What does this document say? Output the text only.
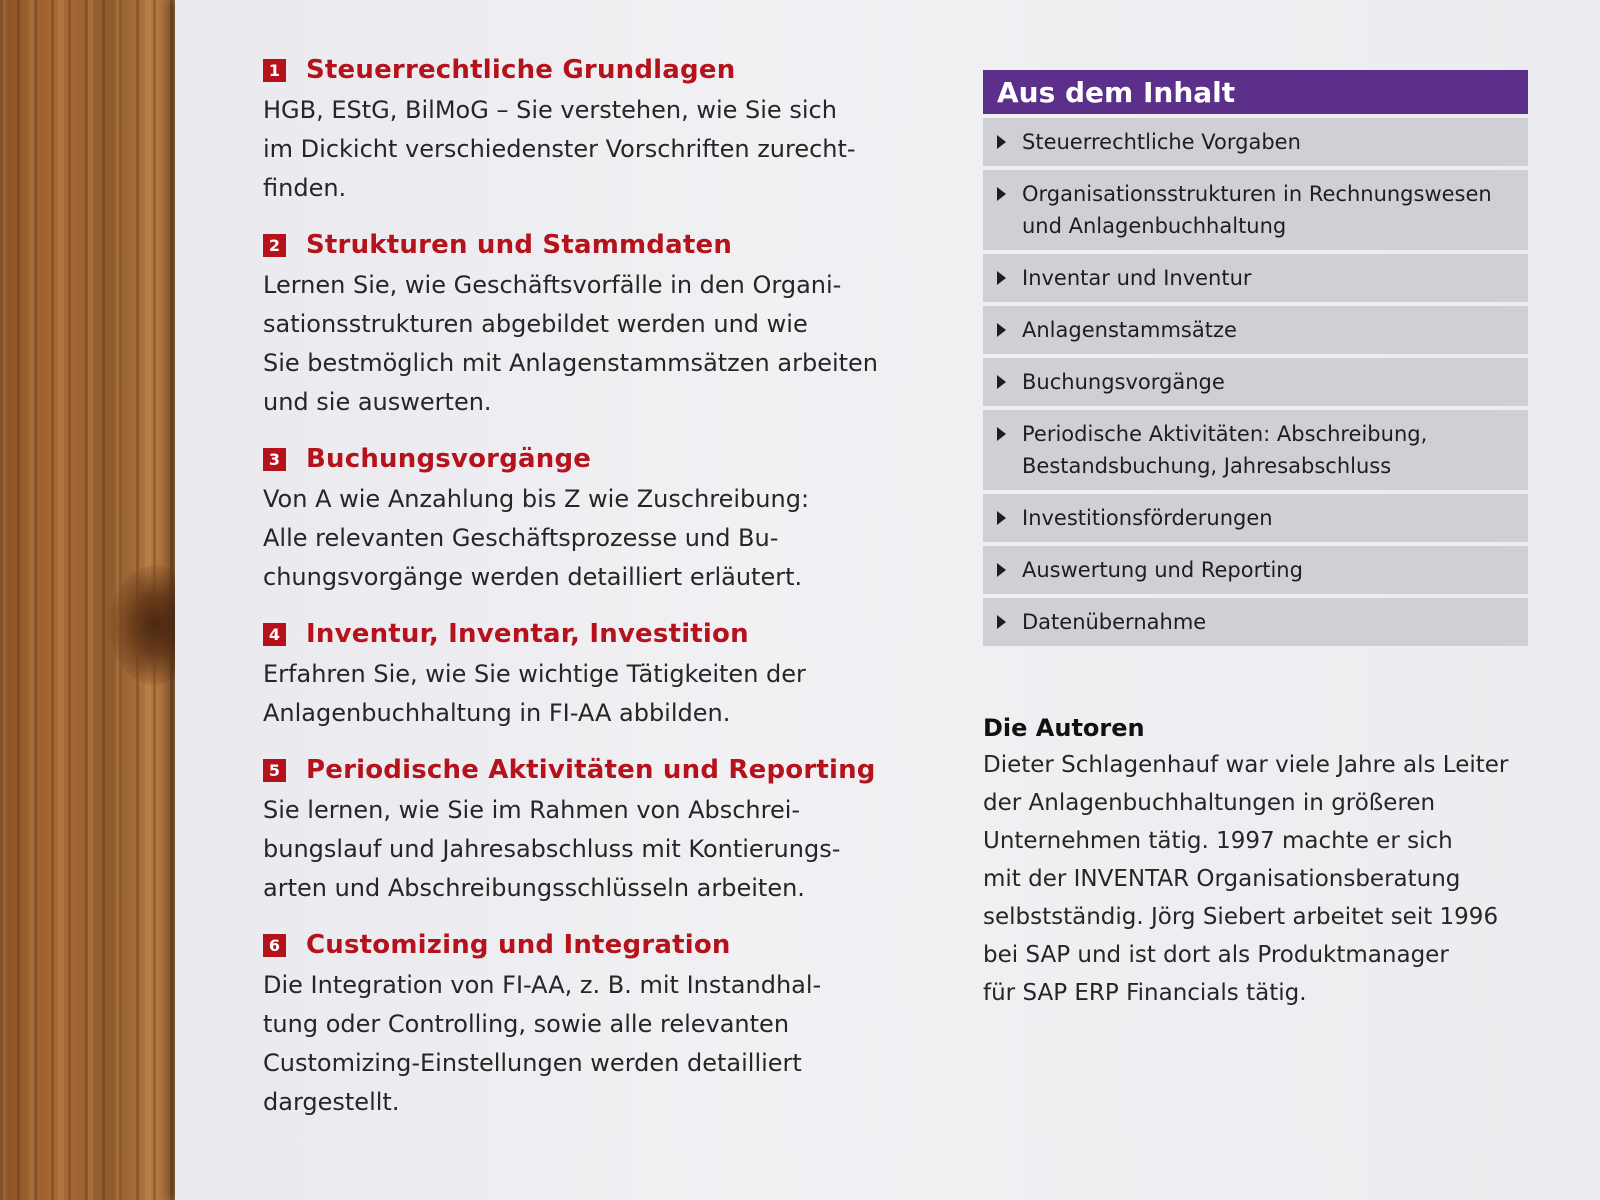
1 Steuerrechtliche Grundlagen
HGB, EStG, BilMoG – Sie verstehen, wie Sie sich
im Dickicht verschiedenster Vorschriften zurecht-
finden.
2 Strukturen und Stammdaten
Lernen Sie, wie Geschäftsvorfälle in den Organi-
sationsstrukturen abgebildet werden und wie
Sie bestmöglich mit Anlagenstammsätzen arbeiten
und sie auswerten.
3 Buchungsvorgänge
Von A wie Anzahlung bis Z wie Zuschreibung:
Alle relevanten Geschäftsprozesse und Bu-
chungsvorgänge werden detailliert erläutert.
4 Inventur, Inventar, Investition
Erfahren Sie, wie Sie wichtige Tätigkeiten der
Anlagenbuchhaltung in FI-AA abbilden.
5 Periodische Aktivitäten und Reporting
Sie lernen, wie Sie im Rahmen von Abschrei-
bungslauf und Jahresabschluss mit Kontierungs-
arten und Abschreibungsschlüsseln arbeiten.
6 Customizing und Integration
Die Integration von FI-AA, z. B. mit Instandhal-
tung oder Controlling, sowie alle relevanten
Customizing-Einstellungen werden detailliert
dargestellt.
Aus dem Inhalt
Steuerrechtliche Vorgaben
Organisationsstrukturen in Rechnungswesen
und Anlagenbuchhaltung
Inventar und Inventur
Anlagenstammsätze
Buchungsvorgänge
Periodische Aktivitäten: Abschreibung,
Bestandsbuchung, Jahresabschluss
Investitionsförderungen
Auswertung und Reporting
Datenübernahme
Die Autoren
Dieter Schlagenhauf war viele Jahre als Leiter
der Anlagenbuchhaltungen in größeren
Unternehmen tätig. 1997 machte er sich
mit der INVENTAR Organisationsberatung
selbstständig. Jörg Siebert arbeitet seit 1996
bei SAP und ist dort als Produktmanager
für SAP ERP Financials tätig.
